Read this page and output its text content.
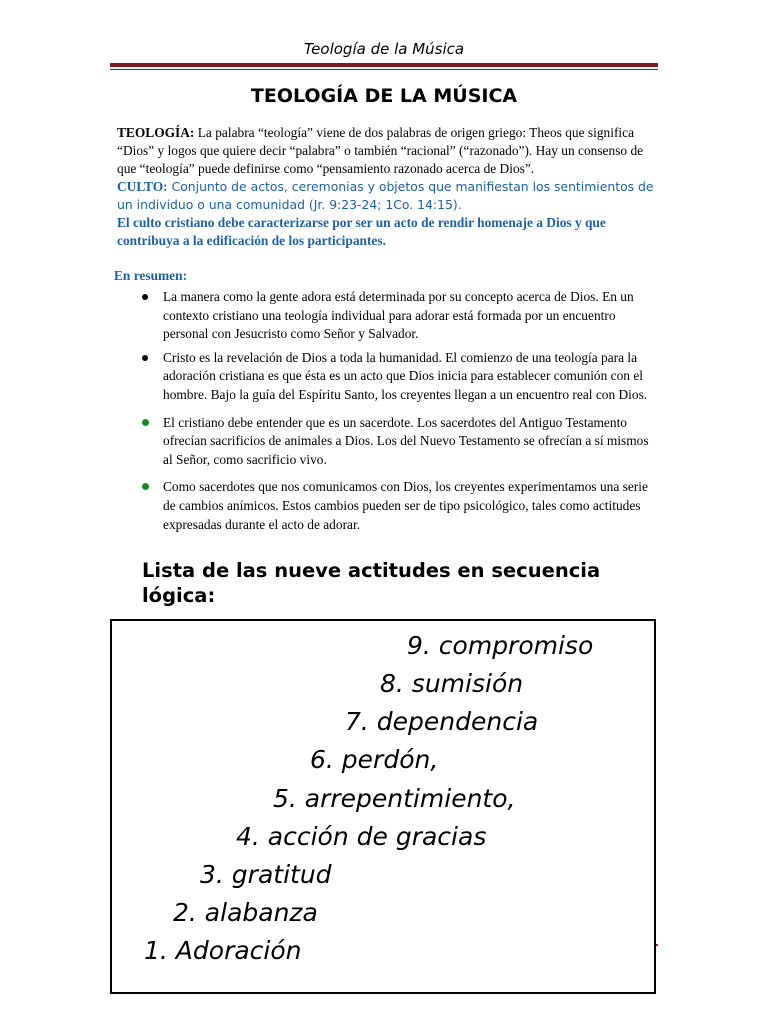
Teología de la Música
TEOLOGÍA DE LA MÚSICA

TEOLOGÍA: La palabra “teología” viene de dos palabras de origen griego: Theos que significa “Dios” y logos que quiere decir “palabra” o también “racional” (“razonado”). Hay un consenso de que “teología” puede definirse como “pensamiento razonado acerca de Dios”.

CULTO: Conjunto de actos, ceremonias y objetos que manifiestan los sentimientos de un individuo o una comunidad (Jr. 9:23-24; 1Co. 14:15).

El culto cristiano debe caracterizarse por ser un acto de rendir homenaje a Dios y que contribuya a la edificación de los participantes.

En resumen:
La manera como la gente adora está determinada por su concepto acerca de Dios. En un contexto cristiano una teología individual para adorar está formada por un encuentro personal con Jesucristo como Señor y Salvador.
Cristo es la revelación de Dios a toda la humanidad. El comienzo de una teología para la adoración cristiana es que ésta es un acto que Dios inicia para establecer comunión con el hombre. Bajo la guía del Espíritu Santo, los creyentes llegan a un encuentro real con Dios.
El cristiano debe entender que es un sacerdote. Los sacerdotes del Antiguo Testamento ofrecían sacrificios de animales a Dios. Los del Nuevo Testamento se ofrecían a sí mismos al Señor, como sacrificio vivo.
Como sacerdotes que nos comunicamos con Dios, los creyentes experimentamos una serie de cambios anímicos. Estos cambios pueden ser de tipo psicológico, tales como actitudes expresadas durante el acto de adorar.
Lista de las nueve actitudes en secuencia lógica:
9. compromiso
8. sumisión
7. dependencia
6. perdón,
5. arrepentimiento,
4. acción de gracias
3. gratitud
2. alabanza
1. Adoración
